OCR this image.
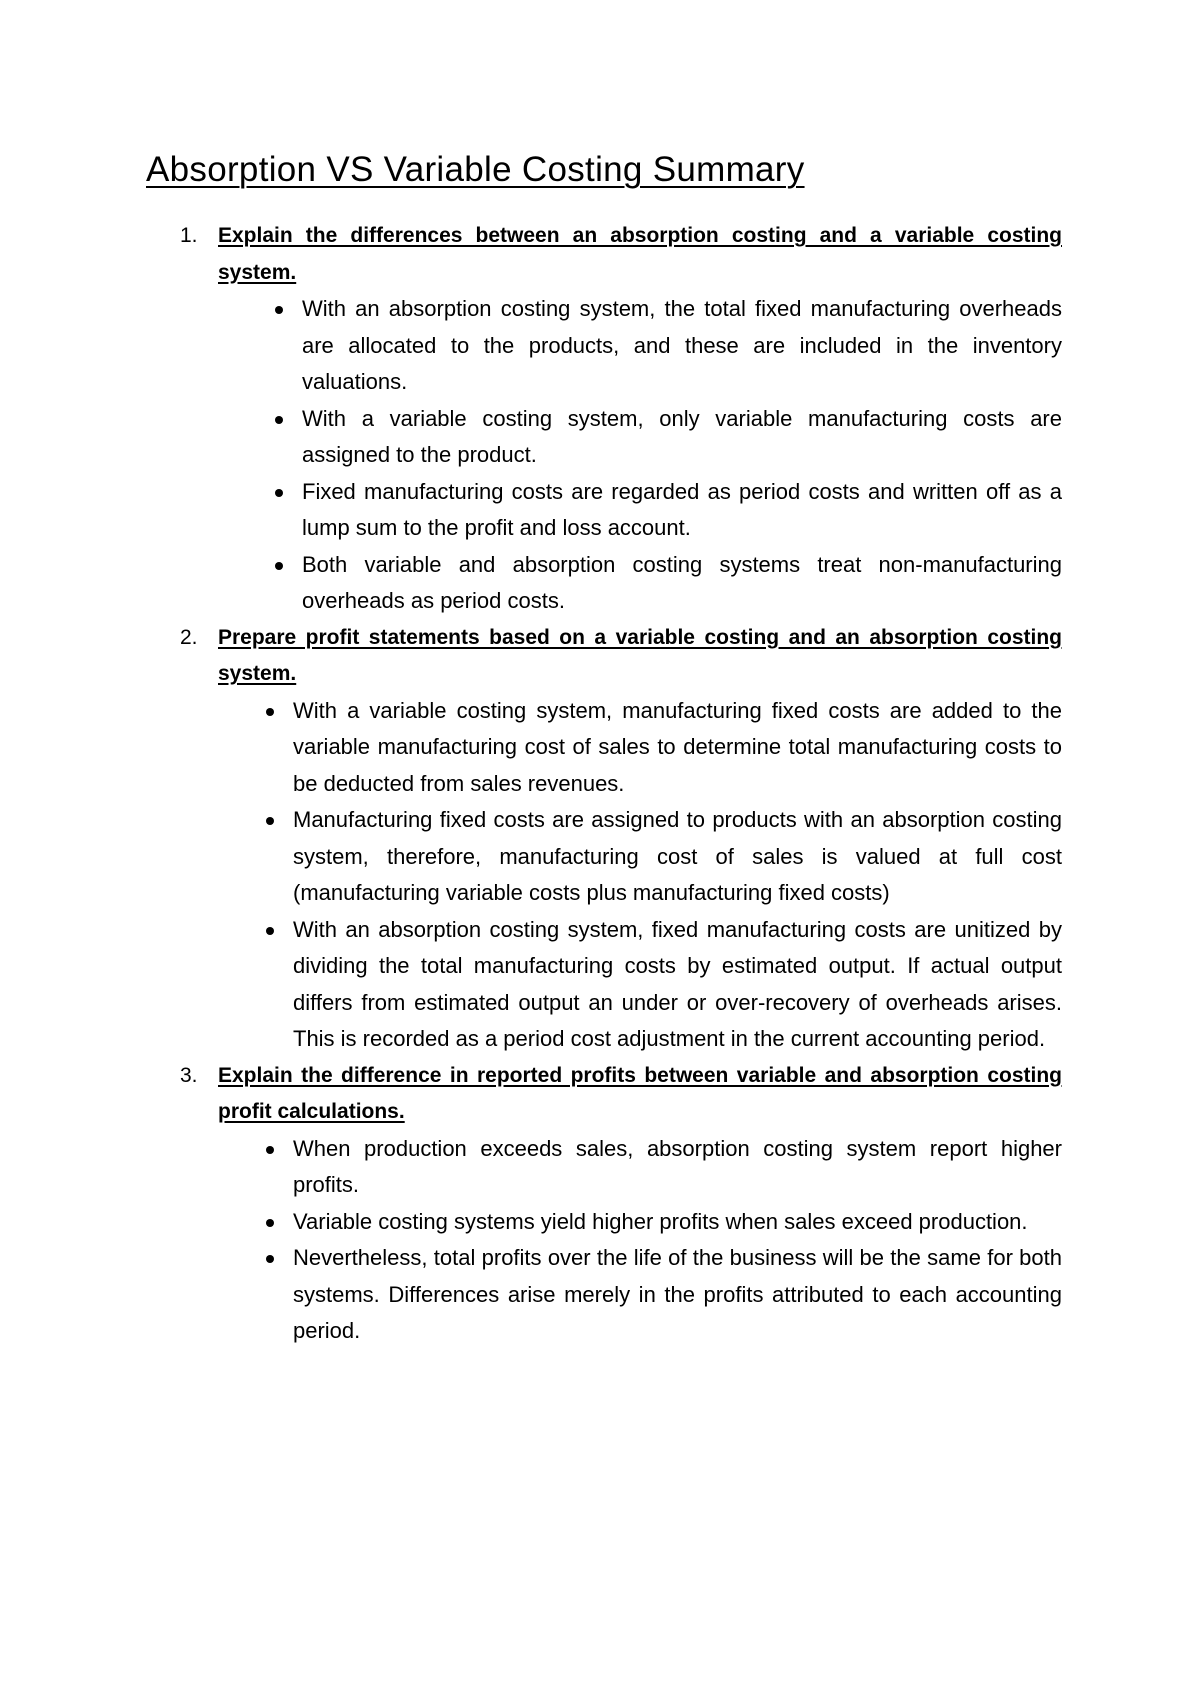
Absorption VS Variable Costing Summary
1. Explain the differences between an absorption costing and a variable costing system.
With an absorption costing system, the total fixed manufacturing overheads are allocated to the products, and these are included in the inventory valuations.
With a variable costing system, only variable manufacturing costs are assigned to the product.
Fixed manufacturing costs are regarded as period costs and written off as a lump sum to the profit and loss account.
Both variable and absorption costing systems treat non-manufacturing overheads as period costs.
2. Prepare profit statements based on a variable costing and an absorption costing system.
With a variable costing system, manufacturing fixed costs are added to the variable manufacturing cost of sales to determine total manufacturing costs to be deducted from sales revenues.
Manufacturing fixed costs are assigned to products with an absorption costing system, therefore, manufacturing cost of sales is valued at full cost (manufacturing variable costs plus manufacturing fixed costs)
With an absorption costing system, fixed manufacturing costs are unitized by dividing the total manufacturing costs by estimated output. If actual output differs from estimated output an under or over-recovery of overheads arises. This is recorded as a period cost adjustment in the current accounting period.
3. Explain the difference in reported profits between variable and absorption costing profit calculations.
When production exceeds sales, absorption costing system report higher profits.
Variable costing systems yield higher profits when sales exceed production.
Nevertheless, total profits over the life of the business will be the same for both systems. Differences arise merely in the profits attributed to each accounting period.
